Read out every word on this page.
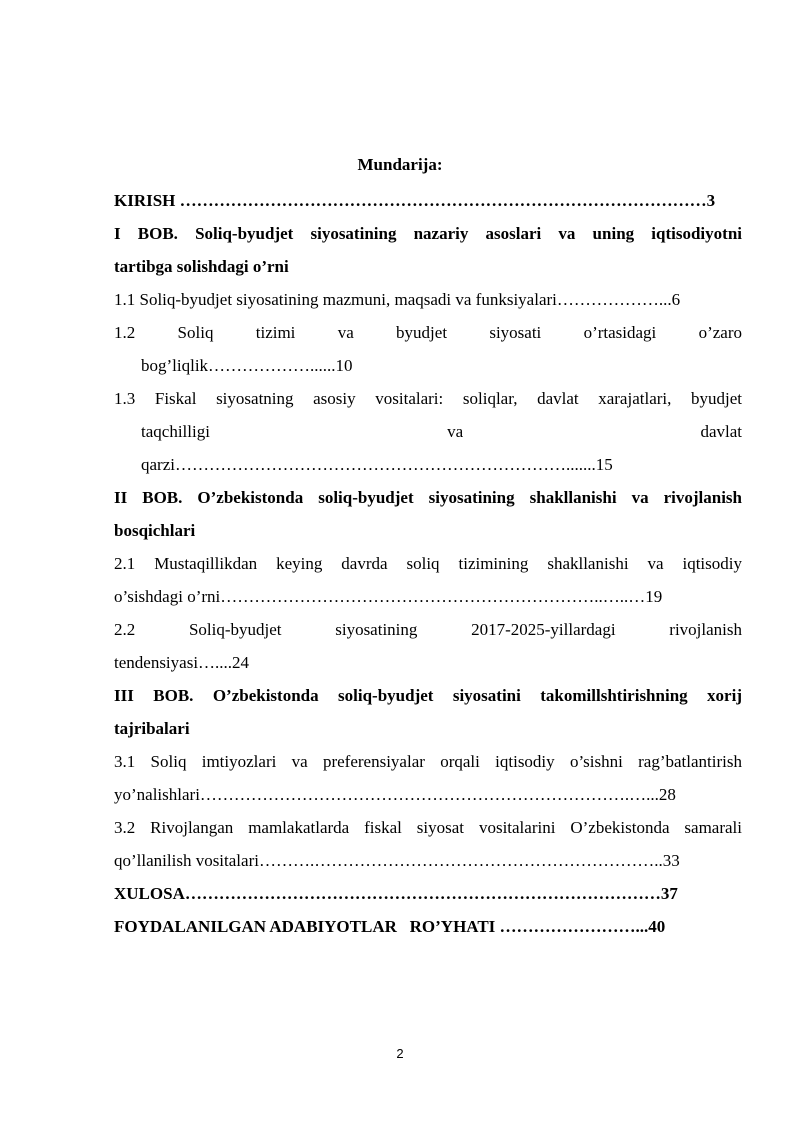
Mundarija:

KIRISH …………………………………………………………………………………3

I BOB. Soliq-byudjet siyosatining nazariy asoslari va uning iqtisodiyotni

tartibga solishdagi o’rni

1.1 Soliq-byudjet siyosatining mazmuni, maqsadi va funksiyalari………………...6

1.2 Soliq tizimi va byudjet siyosati o’rtasidagi o’zaro

bog’liqlik………………......10

1.3 Fiskal siyosatning asosiy vositalari: soliqlar, davlat xarajatlari, byudjet

taqchilligi va davlat

qarzi…………………………………………………………….......15

II BOB. O’zbekistonda soliq-byudjet siyosatining shakllanishi va rivojlanish

bosqichlari

2.1 Mustaqillikdan keying davrda soliq tizimining shakllanishi va iqtisodiy

o’sishdagi o’rni…………………………………………………………..…..…19

2.2 Soliq-byudjet siyosatining 2017-2025-yillardagi rivojlanish

tendensiyasi…....24

III BOB. O’zbekistonda soliq-byudjet siyosatini takomillshtirishning xorij

tajribalari

3.1 Soliq imtiyozlari va preferensiyalar orqali iqtisodiy o’sishni rag’batlantirish

yo’nalishlari………………………………………………………………….…...28

3.2 Rivojlangan mamlakatlarda fiskal siyosat vositalarini O’zbekistonda samarali

qo’llanilish vositalari……….……………………………………………………..33

XULOSA…………………………………………………………………………37

FOYDALANILGAN ADABIYOTLAR   RO’YHATI ……………………...40

2
